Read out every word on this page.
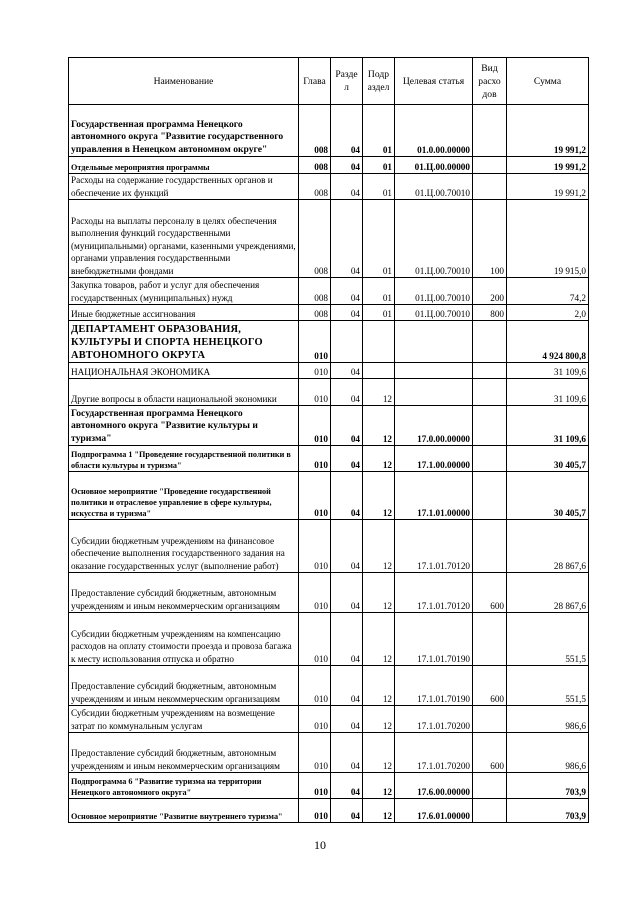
Наименование	Глава	Разде л	Подр аздел	Целевая статья	Вид расхо дов	Сумма
Государственная программа Ненецкого автономного округа "Развитие государственного управления в Ненецком автономном округе"	008	04	01	01.0.00.00000		19 991,2
Отдельные мероприятия программы	008	04	01	01.Ц.00.00000		19 991,2
Расходы на содержание государственных органов и обеспечение их функций	008	04	01	01.Ц.00.70010		19 991,2
Расходы на выплаты персоналу в целях обеспечения выполнения функций государственными (муниципальными) органами, казенными учреждениями, органами управления государственными внебюджетными фондами	008	04	01	01.Ц.00.70010	100	19 915,0
Закупка товаров, работ и услуг для обеспечения государственных (муниципальных) нужд	008	04	01	01.Ц.00.70010	200	74,2
Иные бюджетные ассигнования	008	04	01	01.Ц.00.70010	800	2,0
ДЕПАРТАМЕНТ ОБРАЗОВАНИЯ, КУЛЬТУРЫ И СПОРТА НЕНЕЦКОГО АВТОНОМНОГО ОКРУГА	010					4 924 800,8
НАЦИОНАЛЬНАЯ ЭКОНОМИКА	010	04				31 109,6
Другие вопросы в области национальной экономики	010	04	12			31 109,6
Государственная программа Ненецкого автономного округа "Развитие культуры и туризма"	010	04	12	17.0.00.00000		31 109,6
Подпрограмма 1 "Проведение государственной политики в области культуры и туризма"	010	04	12	17.1.00.00000		30 405,7
Основное мероприятие "Проведение государственной политики и отраслевое управление в сфере культуры, искусства и туризма"	010	04	12	17.1.01.00000		30 405,7
Субсидии бюджетным учреждениям на финансовое обеспечение выполнения государственного задания на оказание государственных услуг (выполнение работ)	010	04	12	17.1.01.70120		28 867,6
Предоставление субсидий бюджетным, автономным учреждениям и иным некоммерческим организациям	010	04	12	17.1.01.70120	600	28 867,6
Субсидии бюджетным учреждениям на компенсацию расходов на оплату стоимости проезда и провоза багажа к месту использования отпуска и обратно	010	04	12	17.1.01.70190		551,5
Предоставление субсидий бюджетным, автономным учреждениям и иным некоммерческим организациям	010	04	12	17.1.01.70190	600	551,5
Субсидии бюджетным учреждениям на возмещение затрат по коммунальным услугам	010	04	12	17.1.01.70200		986,6
Предоставление субсидий бюджетным, автономным учреждениям и иным некоммерческим организациям	010	04	12	17.1.01.70200	600	986,6
Подпрограмма 6 "Развитие туризма на территории Ненецкого автономного округа"	010	04	12	17.6.00.00000		703,9
Основное мероприятие "Развитие внутреннего туризма"	010	04	12	17.6.01.00000		703,9
10
